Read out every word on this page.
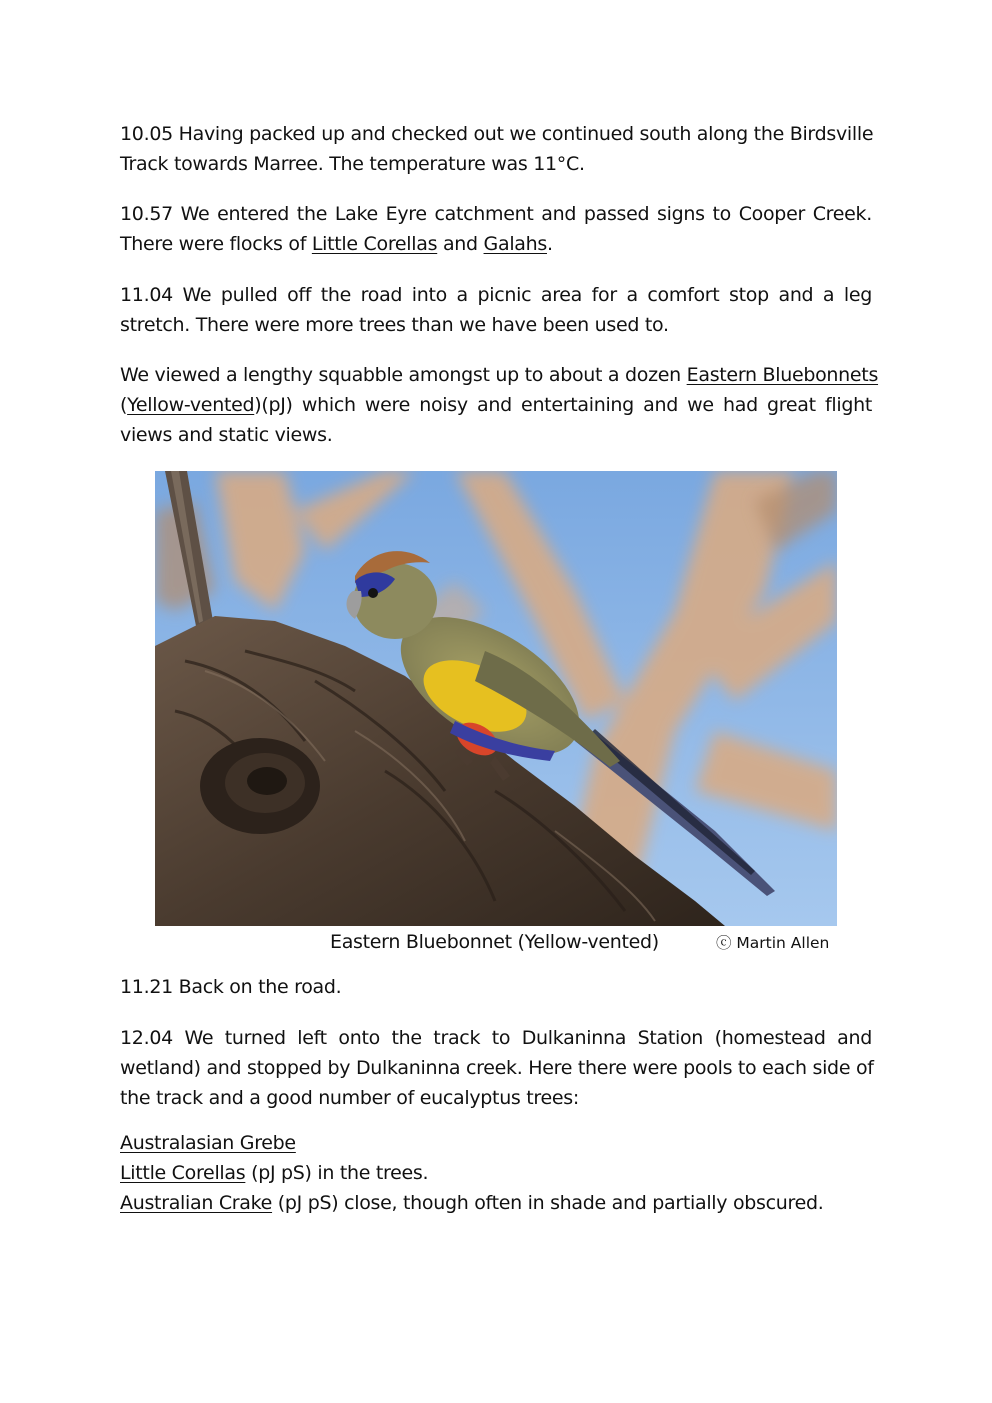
10.05 Having packed up and checked out we continued south along the Birdsville
Track towards Marree. The temperature was 11°C.

10.57 We entered the Lake Eyre catchment and passed signs to Cooper Creek.
There were flocks of Little Corellas and Galahs.

11.04 We pulled off the road into a picnic area for a comfort stop and a leg
stretch. There were more trees than we have been used to.

We viewed a lengthy squabble amongst up to about a dozen Eastern Bluebonnets
(Yellow-vented)(pJ) which were noisy and entertaining and we had great flight
views and static views.

Eastern Bluebonnet (Yellow-vented)	ⓒ Martin Allen

11.21 Back on the road.

12.04 We turned left onto the track to Dulkaninna Station (homestead and
wetland) and stopped by Dulkaninna creek. Here there were pools to each side of
the track and a good number of eucalyptus trees:

Australasian Grebe
Little Corellas (pJ pS) in the trees.
Australian Crake (pJ pS) close, though often in shade and partially obscured.
